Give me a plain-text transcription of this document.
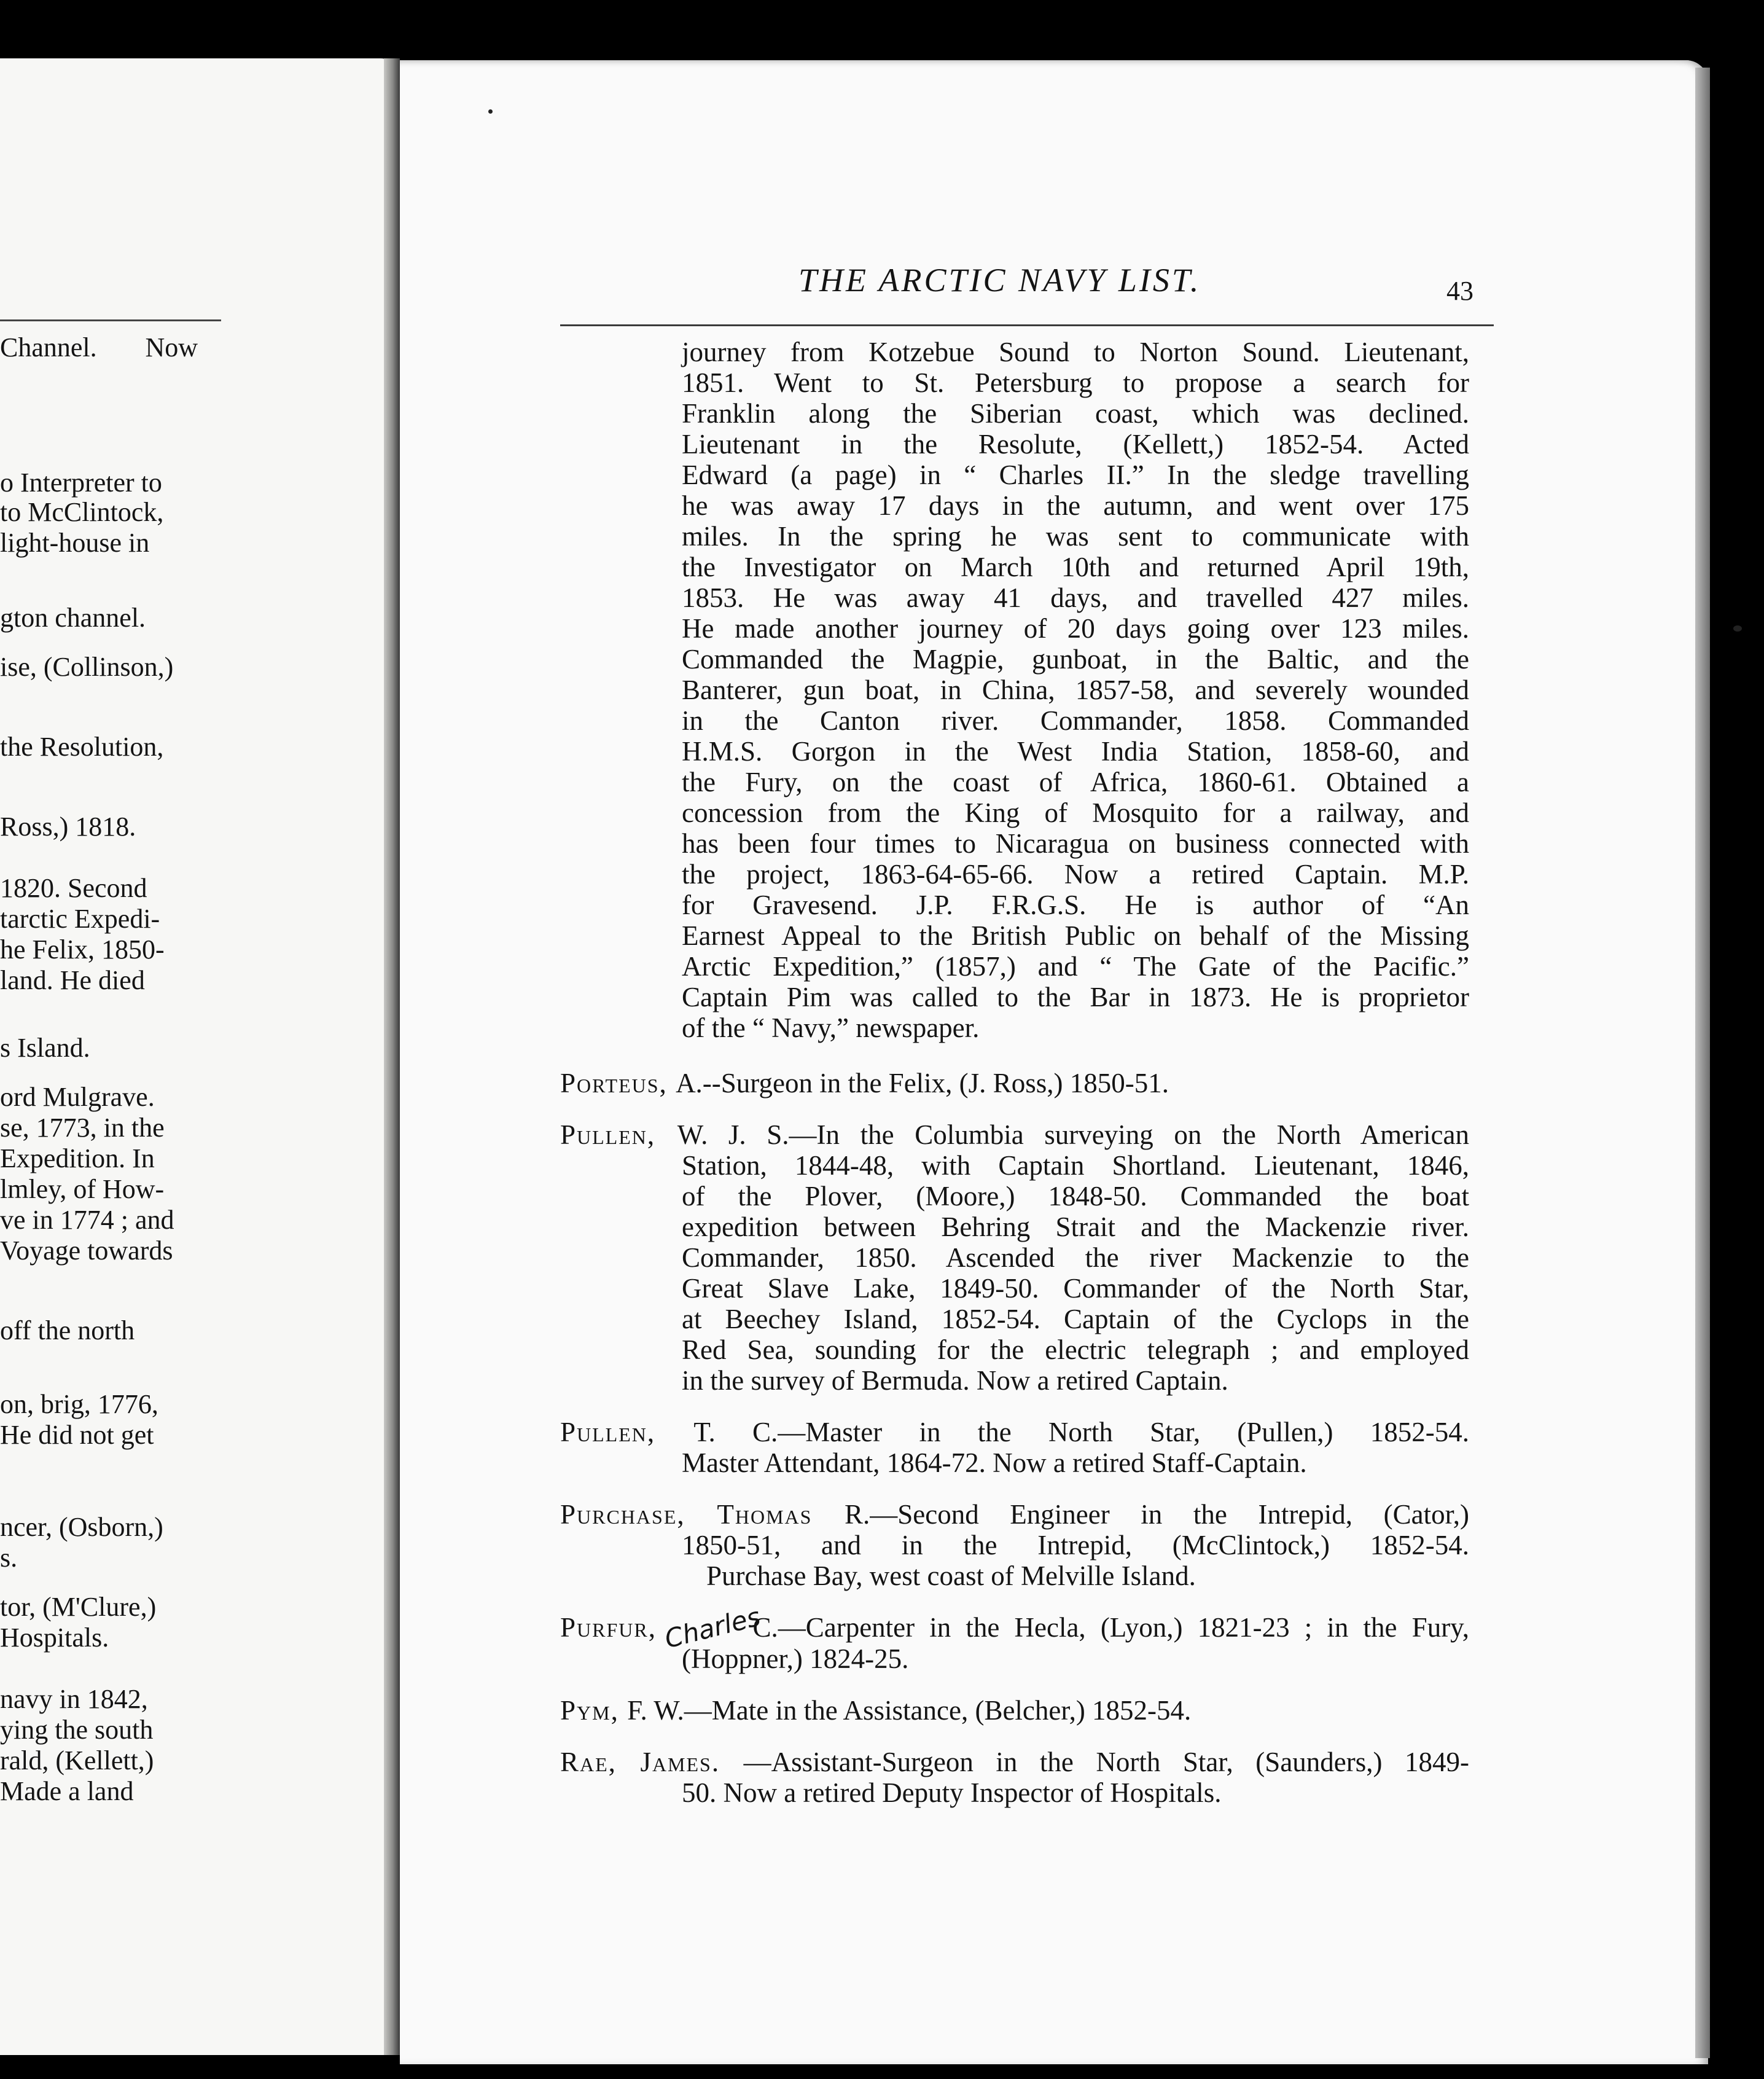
Channel. Now
o Interpreter to
to McClintock,
light-house in
gton channel.
ise, (Collinson,)
the Resolution,
Ross,) 1818.
1820. Second
tarctic Expedi-
he Felix, 1850-
land. He died
s Island.
ord Mulgrave.
se, 1773, in the
Expedition. In
lmley, of How-
ve in 1774 ; and
Voyage towards
off the north
on, brig, 1776,
He did not get
ncer, (Osborn,)
s.
tor, (M'Clure,)
Hospitals.
navy in 1842,
ying the south
rald, (Kellett,)
Made a land
THE ARCTIC NAVY LIST.	43
journey from Kotzebue Sound to Norton Sound. Lieutenant,
1851. Went to St. Petersburg to propose a search for
Franklin along the Siberian coast, which was declined.
Lieutenant in the Resolute, (Kellett,) 1852-54. Acted
Edward (a page) in “ Charles II.” In the sledge travelling
he was away 17 days in the autumn, and went over 175
miles. In the spring he was sent to communicate with
the Investigator on March 10th and returned April 19th,
1853. He was away 41 days, and travelled 427 miles.
He made another journey of 20 days going over 123 miles.
Commanded the Magpie, gunboat, in the Baltic, and the
Banterer, gun boat, in China, 1857-58, and severely wounded
in the Canton river. Commander, 1858. Commanded
H.M.S. Gorgon in the West India Station, 1858-60, and
the Fury, on the coast of Africa, 1860-61. Obtained a
concession from the King of Mosquito for a railway, and
has been four times to Nicaragua on business connected with
the project, 1863-64-65-66. Now a retired Captain. M.P.
for Gravesend. J.P. F.R.G.S. He is author of “An
Earnest Appeal to the British Public on behalf of the Missing
Arctic Expedition,” (1857,) and “ The Gate of the Pacific.”
Captain Pim was called to the Bar in 1873. He is proprietor
of the “ Navy,” newspaper.
Porteus, A.--Surgeon in the Felix, (J. Ross,) 1850-51.
Pullen, W. J. S.—In the Columbia surveying on the North American
Station, 1844-48, with Captain Shortland. Lieutenant, 1846,
of the Plover, (Moore,) 1848-50. Commanded the boat
expedition between Behring Strait and the Mackenzie river.
Commander, 1850. Ascended the river Mackenzie to the
Great Slave Lake, 1849-50. Commander of the North Star,
at Beechey Island, 1852-54. Captain of the Cyclops in the
Red Sea, sounding for the electric telegraph ; and employed
in the survey of Bermuda. Now a retired Captain.
Pullen, T. C.—Master in the North Star, (Pullen,) 1852-54.
Master Attendant, 1864-72. Now a retired Staff-Captain.
Purchase, Thomas R.—Second Engineer in the Intrepid, (Cator,)
1850-51, and in the Intrepid, (McClintock,) 1852-54.
Purchase Bay, west coast of Melville Island.
Purfur, CharlesC.—Carpenter in the Hecla, (Lyon,) 1821-23 ; in the Fury,
(Hoppner,) 1824-25.
Pym, F. W.—Mate in the Assistance, (Belcher,) 1852-54.
Rae, James. —Assistant-Surgeon in the North Star, (Saunders,) 1849-
50. Now a retired Deputy Inspector of Hospitals.
